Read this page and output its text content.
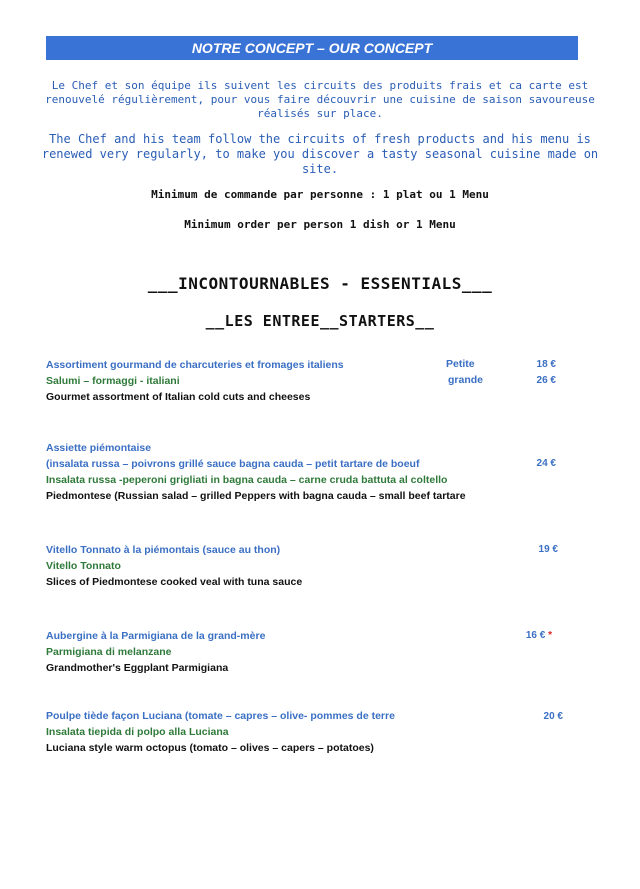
NOTRE CONCEPT – OUR CONCEPT
Le Chef et son équipe ils suivent les circuits des produits frais et ca carte est renouvelé régulièrement, pour vous faire découvrir une cuisine de saison savoureuse réalisés sur place.
The Chef and his team follow the circuits of fresh products and his menu is renewed very regularly, to make you discover a tasty seasonal cuisine made on site.
Minimum de commande par personne : 1 plat ou 1 Menu
Minimum order per person 1 dish or 1 Menu
___INCONTOURNABLES - ESSENTIALS___
__LES ENTREE__STARTERS__
Assortiment gourmand de charcuteries et fromages italiens
Salumi – formaggi - italiani
Gourmet assortment of Italian cold cuts and cheeses
Petite
grande
18 €
26 €
Assiette piémontaise
(insalata russa – poivrons grillé sauce bagna cauda – petit tartare de boeuf
Insalata russa -peperoni grigliati in bagna cauda – carne cruda battuta al coltello
Piedmontese (Russian salad – grilled Peppers with bagna cauda – small beef tartare
24 €
Vitello Tonnato à la piémontais (sauce au thon)
Vitello Tonnato
Slices of Piedmontese cooked veal with tuna sauce
19 €
Aubergine à la Parmigiana de la grand-mère
Parmigiana di melanzane
Grandmother's Eggplant Parmigiana
16 € *
Poulpe tiède façon Luciana (tomate – capres – olive- pommes de terre
Insalata tiepida di polpo alla Luciana
Luciana style warm octopus (tomato – olives – capers – potatoes)
20 €
